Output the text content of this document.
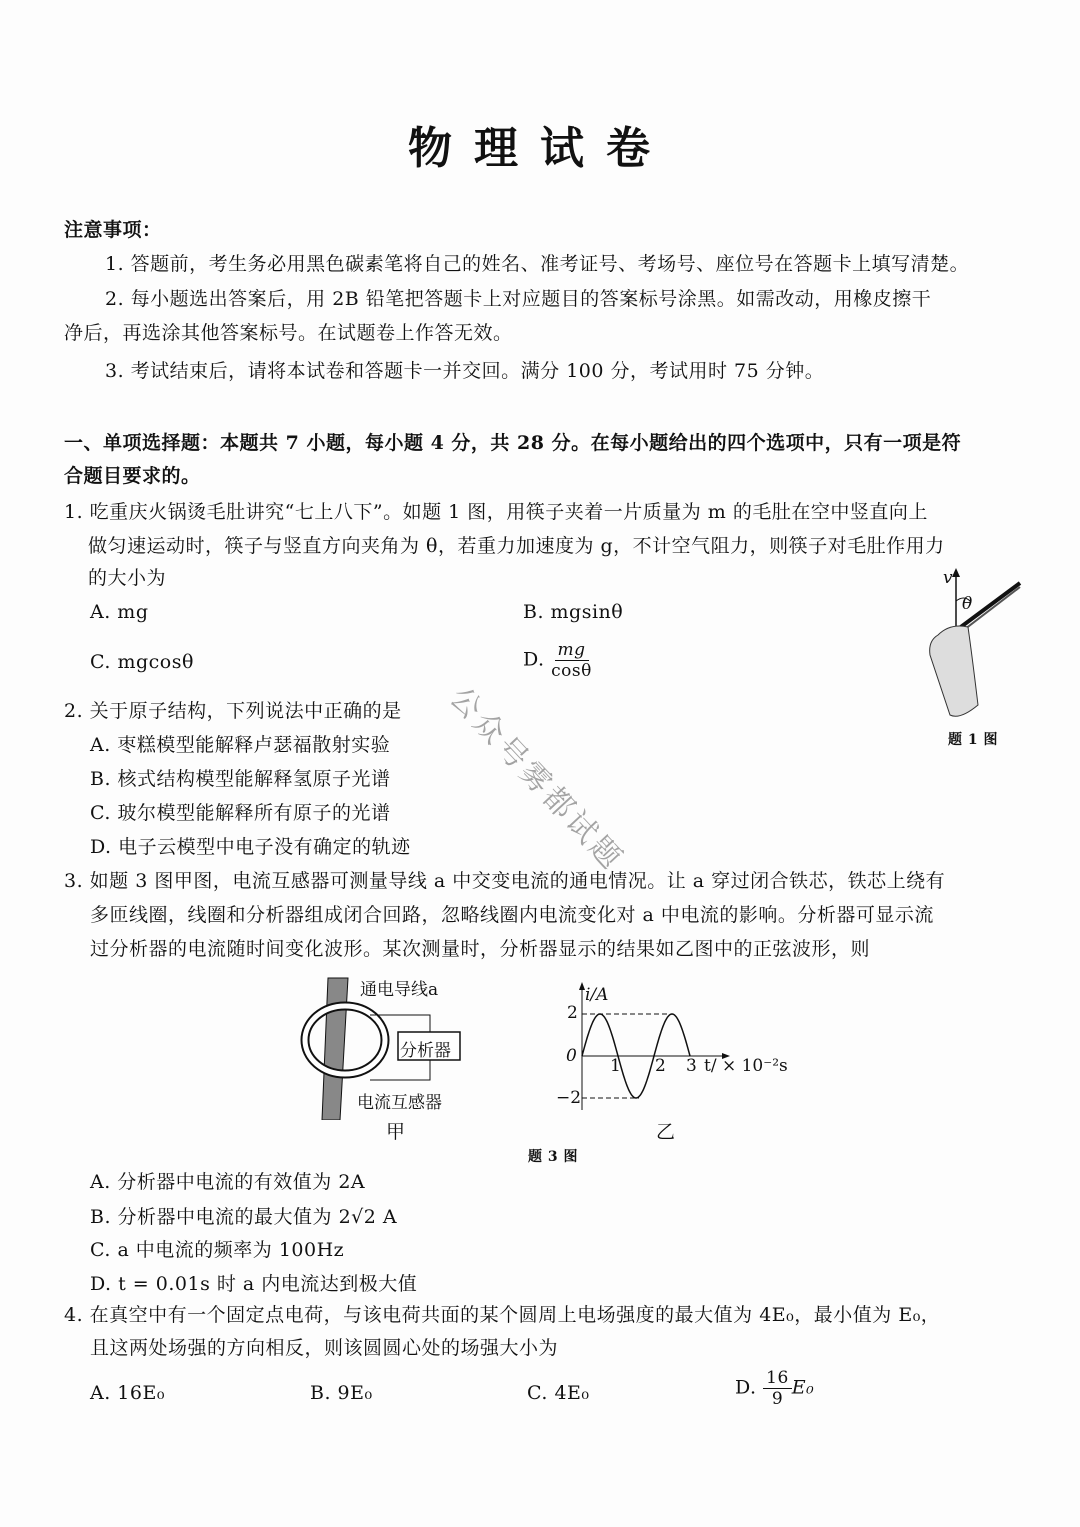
物理试卷
注意事项：
1. 答题前，考生务必用黑色碳素笔将自己的姓名、准考证号、考场号、座位号在答题卡上填写清楚。
2. 每小题选出答案后，用 2B 铅笔把答题卡上对应题目的答案标号涂黑。如需改动，用橡皮擦干
净后，再选涂其他答案标号。在试题卷上作答无效。
3. 考试结束后，请将本试卷和答题卡一并交回。满分 100 分，考试用时 75 分钟。
一、单项选择题：本题共 7 小题，每小题 4 分，共 28 分。在每小题给出的四个选项中，只有一项是符
合题目要求的。
1. 吃重庆火锅烫毛肚讲究“七上八下”。如题 1 图，用筷子夹着一片质量为 m 的毛肚在空中竖直向上
做匀速运动时，筷子与竖直方向夹角为 θ，若重力加速度为 g，不计空气阻力，则筷子对毛肚作用力
的大小为
A. mg	B. mgsinθ
C. mgcosθ	D. $\frac{mg}{\cos\theta}$
v
θ
题 1 图
2. 关于原子结构，下列说法中正确的是
A. 枣糕模型能解释卢瑟福散射实验
B. 核式结构模型能解释氢原子光谱
C. 玻尔模型能解释所有原子的光谱
D. 电子云模型中电子没有确定的轨迹 公众号雾都试题
3. 如题 3 图甲图，电流互感器可测量导线 a 中交变电流的通电情况。让 a 穿过闭合铁芯，铁芯上绕有
多匝线圈，线圈和分析器组成闭合回路，忽略线圈内电流变化对 a 中电流的影响。分析器可显示流
过分析器的电流随时间变化波形。某次测量时，分析器显示的结果如乙图中的正弦波形，则
通电导线a
分析器
电流互感器
甲
i/A
2
0
−2
1 2 3 t/ × 10⁻²s
乙
题 3 图
A. 分析器中电流的有效值为 2A
B. 分析器中电流的最大值为 2√2 A
C. a 中电流的频率为 100Hz
D. t = 0.01s 时 a 内电流达到极大值
4. 在真空中有一个固定点电荷，与该电荷共面的某个圆周上电场强度的最大值为 4E₀，最小值为 E₀，
且这两处场强的方向相反，则该圆圆心处的场强大小为
A. 16E₀	B. 9E₀	C. 4E₀	D. $\frac{16}{9} E_0$
